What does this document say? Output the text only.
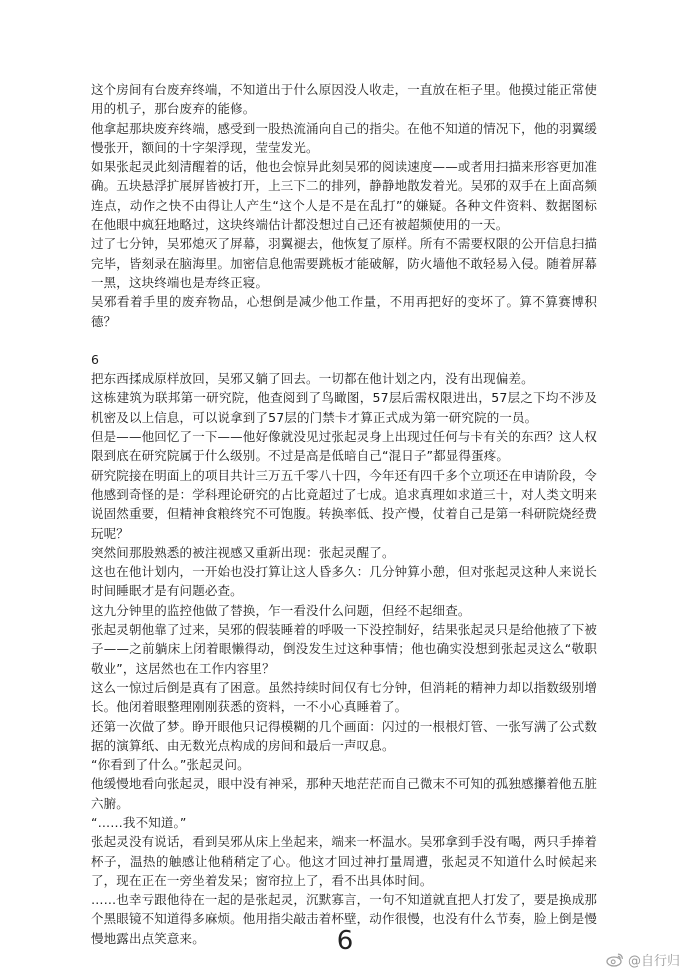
这个房间有台废弃终端，不知道出于什么原因没人收走，一直放在柜子里。他摸过能正常使用的机子，那台废弃的能修。

他拿起那块废弃终端，感受到一股热流涌向自己的指尖。在他不知道的情况下，他的羽翼缓慢张开，额间的十字架浮现，莹莹发光。

如果张起灵此刻清醒着的话，他也会惊异此刻吴邪的阅读速度——或者用扫描来形容更加准确。五块悬浮扩展屏皆被打开，上三下二的排列，静静地散发着光。吴邪的双手在上面高频连点，动作之快不由得让人产生“这个人是不是在乱打”的嫌疑。各种文件资料、数据图标在他眼中疯狂地略过，这块终端估计都没想过自己还有被超频使用的一天。

过了七分钟，吴邪熄灭了屏幕，羽翼褪去，他恢复了原样。所有不需要权限的公开信息扫描完毕，皆刻录在脑海里。加密信息他需要跳板才能破解，防火墙他不敢轻易入侵。随着屏幕一黑，这块终端也是寿终正寝。

吴邪看着手里的废弃物品，心想倒是减少他工作量，不用再把好的变坏了。算不算赛博积德？

6

把东西揉成原样放回，吴邪又躺了回去。一切都在他计划之内，没有出现偏差。

这栋建筑为联邦第一研究院，他查阅到了鸟瞰图，57层后需权限进出，57层之下均不涉及机密及以上信息，可以说拿到了57层的门禁卡才算正式成为第一研究院的一员。

但是——他回忆了一下——他好像就没见过张起灵身上出现过任何与卡有关的东西？这人权限到底在研究院属于什么级别。不过是高是低暗自己“混日子”都显得蛋疼。

研究院接在明面上的项目共计三万五千零八十四，今年还有四千多个立项还在申请阶段，令他感到奇怪的是：学科理论研究的占比竟超过了七成。追求真理如求道三十，对人类文明来说固然重要，但精神食粮终究不可饱腹。转换率低、投产慢，仗着自己是第一科研院烧经费玩呢？

突然间那股熟悉的被注视感又重新出现：张起灵醒了。

这也在他计划内，一开始也没打算让这人昏多久：几分钟算小憩，但对张起灵这种人来说长时间睡眠才是有问题必查。

这九分钟里的监控他做了替换，乍一看没什么问题，但经不起细查。

张起灵朝他靠了过来，吴邪的假装睡着的呼吸一下没控制好，结果张起灵只是给他掖了下被子——之前躺床上闭着眼懒得动，倒没发生过这种事情；他也确实没想到张起灵这么“敬职敬业”，这居然也在工作内容里？

这么一惊过后倒是真有了困意。虽然持续时间仅有七分钟，但消耗的精神力却以指数级别增长。他闭着眼整理刚刚获悉的资料，一不小心真睡着了。

还第一次做了梦。睁开眼他只记得模糊的几个画面：闪过的一根根灯管、一张写满了公式数据的演算纸、由无数光点构成的房间和最后一声叹息。

“你看到了什么。”张起灵问。

他缓慢地看向张起灵，眼中没有神采，那种天地茫茫而自己微末不可知的孤独感攥着他五脏六腑。

“……我不知道。”

张起灵没有说话，看到吴邪从床上坐起来，端来一杯温水。吴邪拿到手没有喝，两只手捧着杯子，温热的触感让他稍稍定了心。他这才回过神打量周遭，张起灵不知道什么时候起来了，现在正在一旁坐着发呆；窗帘拉上了，看不出具体时间。

……也幸亏跟他待在一起的是张起灵，沉默寡言，一句不知道就直把人打发了，要是换成那个黑眼镜不知道得多麻烦。他用指尖敲击着杯壁，动作很慢，也没有什么节奏，脸上倒是慢慢地露出点笑意来。	6
@自行归
